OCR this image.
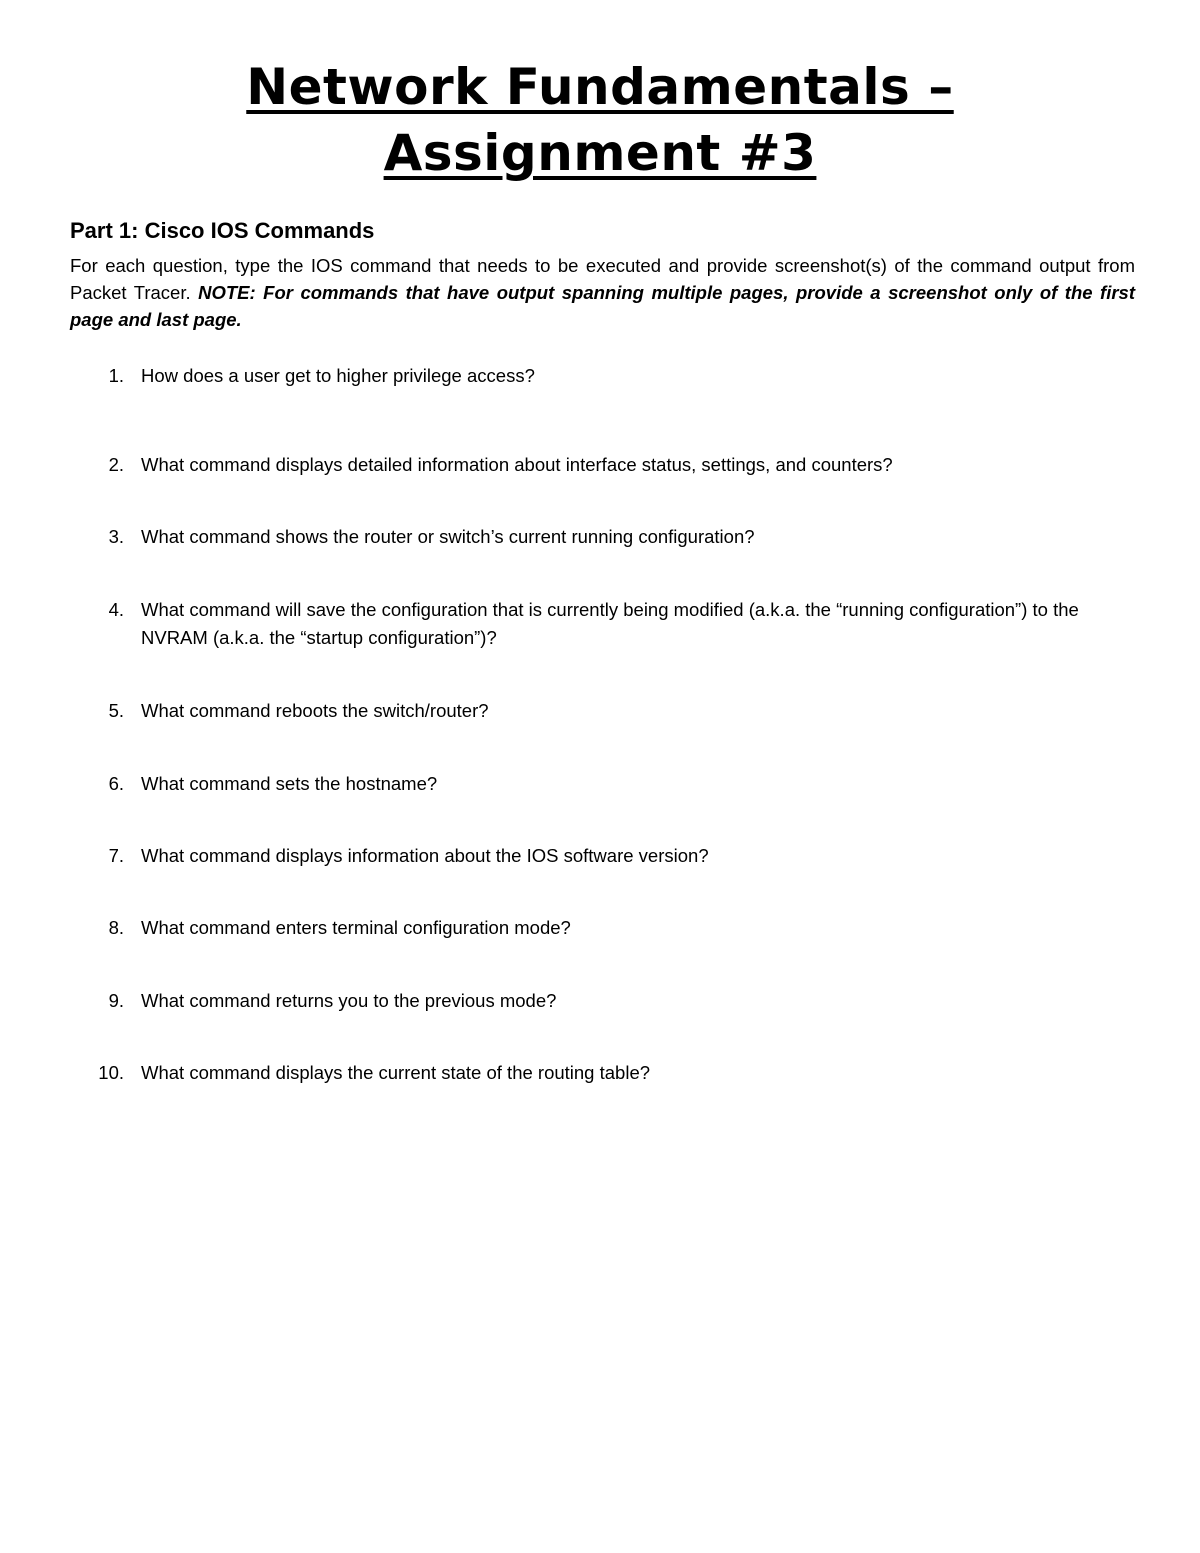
Network Fundamentals –
Assignment #3
Part 1: Cisco IOS Commands

For each question, type the IOS command that needs to be executed and provide screenshot(s) of the command output from Packet Tracer. NOTE: For commands that have output spanning multiple pages, provide a screenshot only of the first page and last page.

1. How does a user get to higher privilege access?
2. What command displays detailed information about interface status, settings, and counters?
3. What command shows the router or switch’s current running configuration?
4. What command will save the configuration that is currently being modified (a.k.a. the “running configuration”) to the NVRAM (a.k.a. the “startup configuration”)?
5. What command reboots the switch/router?
6. What command sets the hostname?
7. What command displays information about the IOS software version?
8. What command enters terminal configuration mode?
9. What command returns you to the previous mode?
10. What command displays the current state of the routing table?
